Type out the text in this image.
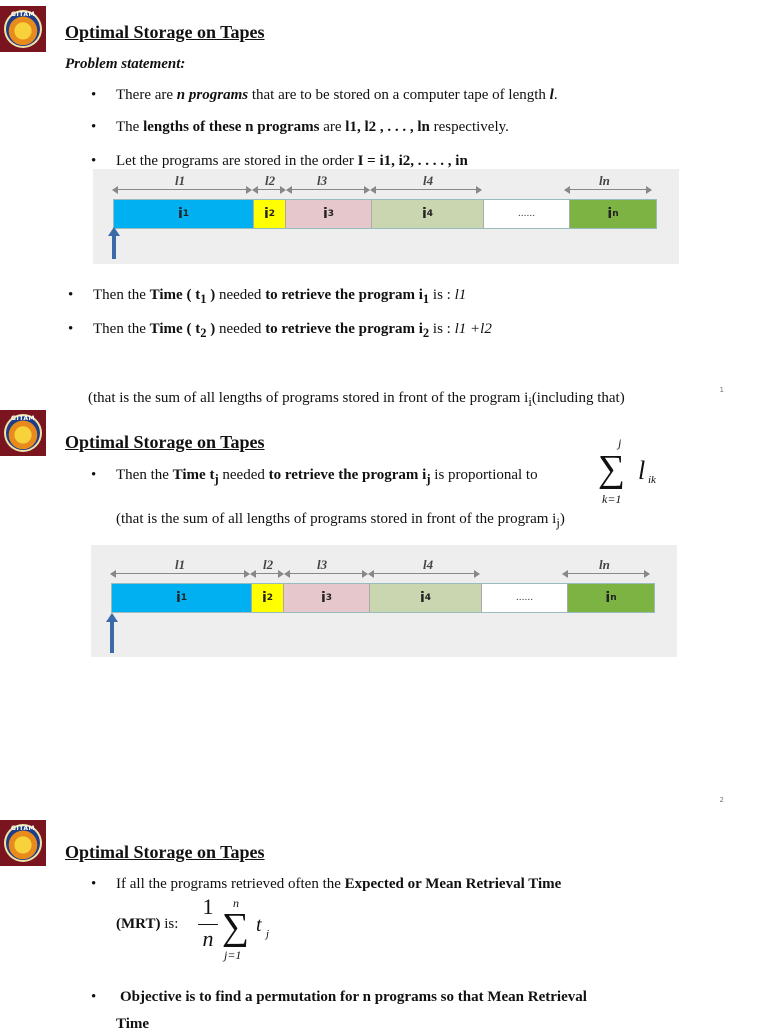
GITAM
Optimal Storage on Tapes
Problem statement:
• There are n programs that are to be stored on a computer tape of length l.
• The lengths of these n programs are l1, l2 , . . . , ln respectively.
• Let the programs are stored in the order I = i1, i2, . . . . , in
l1	l2	l3	l4	ln
i 1	i 2	i 3	i 4	......	i n
• Then the Time ( $t_1$ ) needed to retrieve the program $i_1$ is : l1
• Then the Time ( $t_2$ ) needed to retrieve the program $i_2$ is : l1 +l2
(that is the sum of all lengths of programs stored in front of the program $i_i(including$ that)	1
GITAM
Optimal Storage on Tapes
• Then the Time $t_j$ needed to retrieve the program $i_j$ is proportional to
j
∑ l ik
k=1
(that is the sum of all lengths of programs stored in front of the program $i_j$)
l1	l2	l3	l4	ln
i 1	i 2	i 3	i 4	......	i n
2
GITAM
Optimal Storage on Tapes
• If all the programs retrieved often the Expected or Mean Retrieval Time
(MRT) is:
1
n
n
∑ t j
j=1
• Objective is to find a permutation for n programs so that Mean Retrieval
Time
